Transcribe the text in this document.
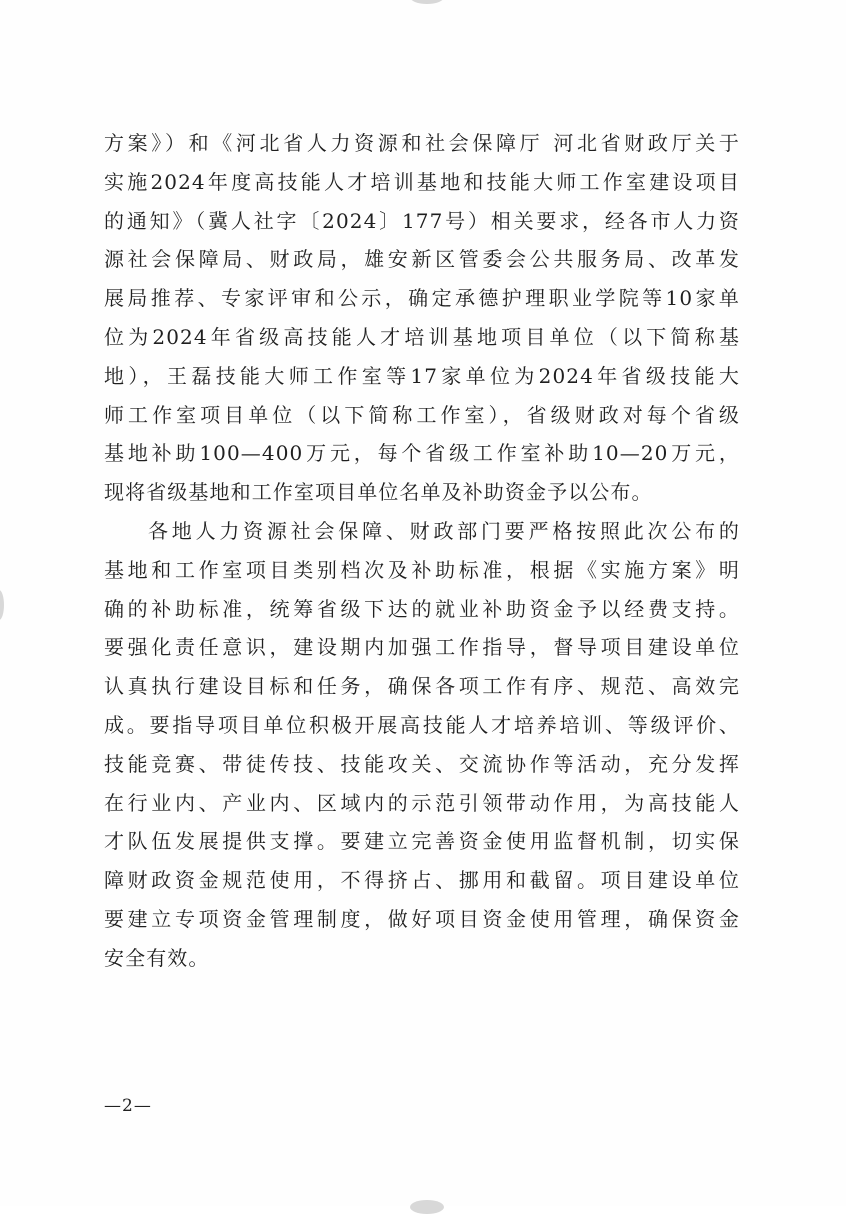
方案》）和《河北省人力资源和社会保障厅 河北省财政厅关于
实施2024年度高技能人才培训基地和技能大师工作室建设项目
的通知》（冀人社字〔2024〕177号）相关要求，经各市人力资
源社会保障局、财政局，雄安新区管委会公共服务局、改革发
展局推荐、专家评审和公示，确定承德护理职业学院等10家单
位为2024年省级高技能人才培训基地项目单位（以下简称基
地），王磊技能大师工作室等17家单位为2024年省级技能大
师工作室项目单位（以下简称工作室），省级财政对每个省级
基地补助100—400万元，每个省级工作室补助10—20万元，
现将省级基地和工作室项目单位名单及补助资金予以公布。
各地人力资源社会保障、财政部门要严格按照此次公布的
基地和工作室项目类别档次及补助标准，根据《实施方案》明
确的补助标准，统筹省级下达的就业补助资金予以经费支持。
要强化责任意识，建设期内加强工作指导，督导项目建设单位
认真执行建设目标和任务，确保各项工作有序、规范、高效完
成。要指导项目单位积极开展高技能人才培养培训、等级评价、
技能竞赛、带徒传技、技能攻关、交流协作等活动，充分发挥
在行业内、产业内、区域内的示范引领带动作用，为高技能人
才队伍发展提供支撑。要建立完善资金使用监督机制，切实保
障财政资金规范使用，不得挤占、挪用和截留。项目建设单位
要建立专项资金管理制度，做好项目资金使用管理，确保资金
安全有效。
—2—
